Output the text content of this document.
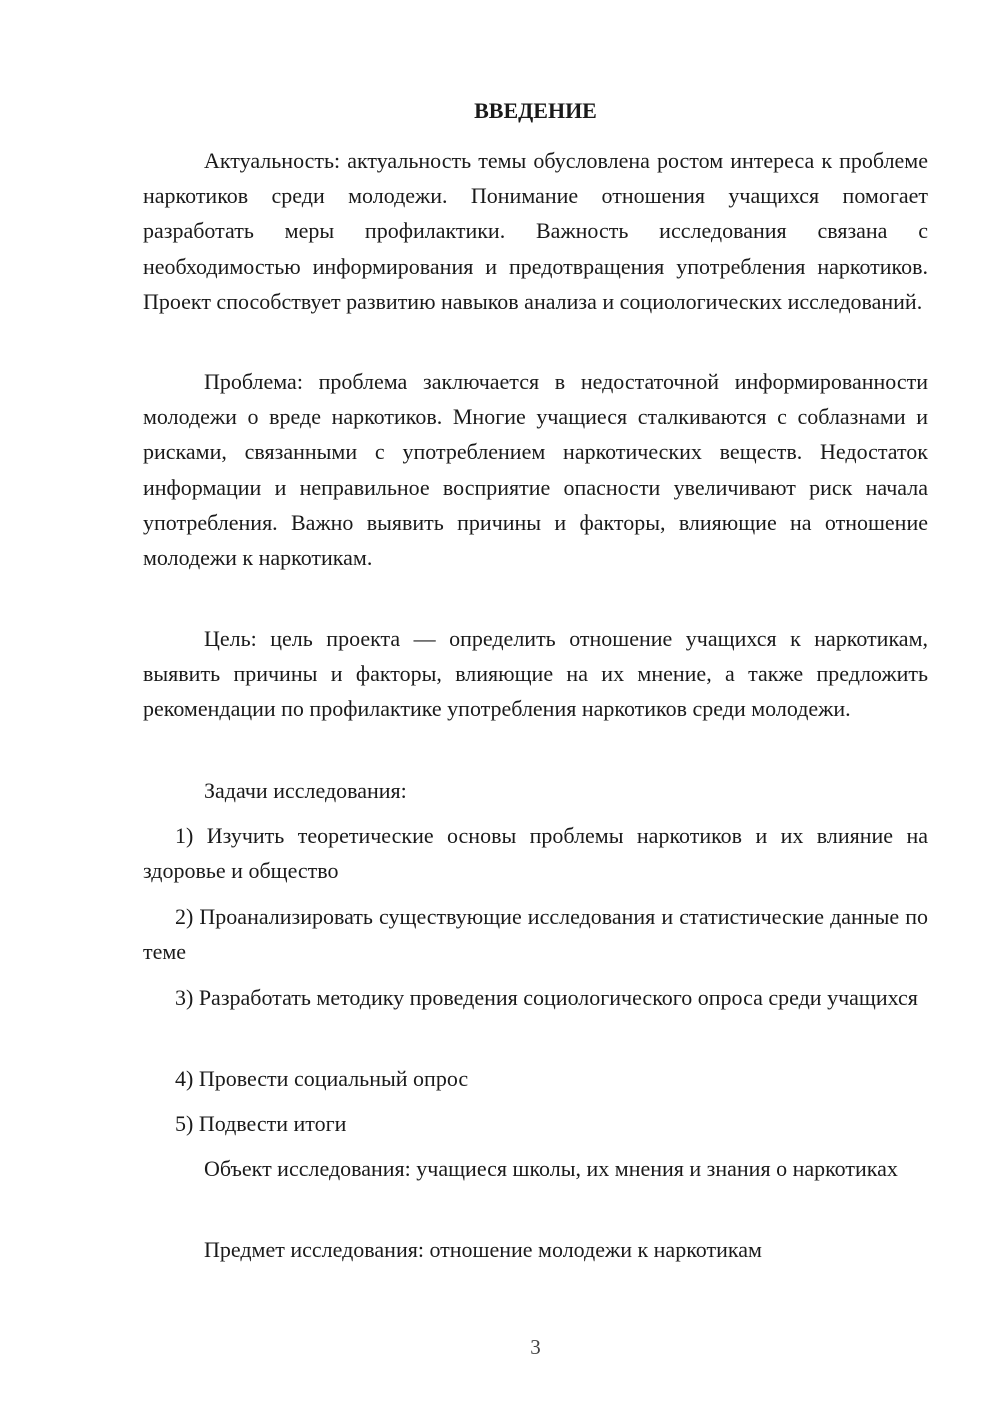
ВВЕДЕНИЕ

Актуальность: актуальность темы обусловлена ростом интереса к проблеме наркотиков среди молодежи. Понимание отношения учащихся помогает разработать меры профилактики. Важность исследования связана с необходимостью информирования и предотвращения употребления наркотиков. Проект способствует развитию навыков анализа и социологических исследований.

Проблема: проблема заключается в недостаточной информированности молодежи о вреде наркотиков. Многие учащиеся сталкиваются с соблазнами и рисками, связанными с употреблением наркотических веществ. Недостаток информации и неправильное восприятие опасности увеличивают риск начала употребления. Важно выявить причины и факторы, влияющие на отношение молодежи к наркотикам.

Цель: цель проекта — определить отношение учащихся к наркотикам, выявить причины и факторы, влияющие на их мнение, а также предложить рекомендации по профилактике употребления наркотиков среди молодежи.

Задачи исследования:

1) Изучить теоретические основы проблемы наркотиков и их влияние на здоровье и общество

2) Проанализировать существующие исследования и статистические данные по теме

3) Разработать методику проведения социологического опроса среди учащихся

4) Провести социальный опрос

5) Подвести итоги

Объект исследования: учащиеся школы, их мнения и знания о наркотиках

Предмет исследования: отношение молодежи к наркотикам

3
